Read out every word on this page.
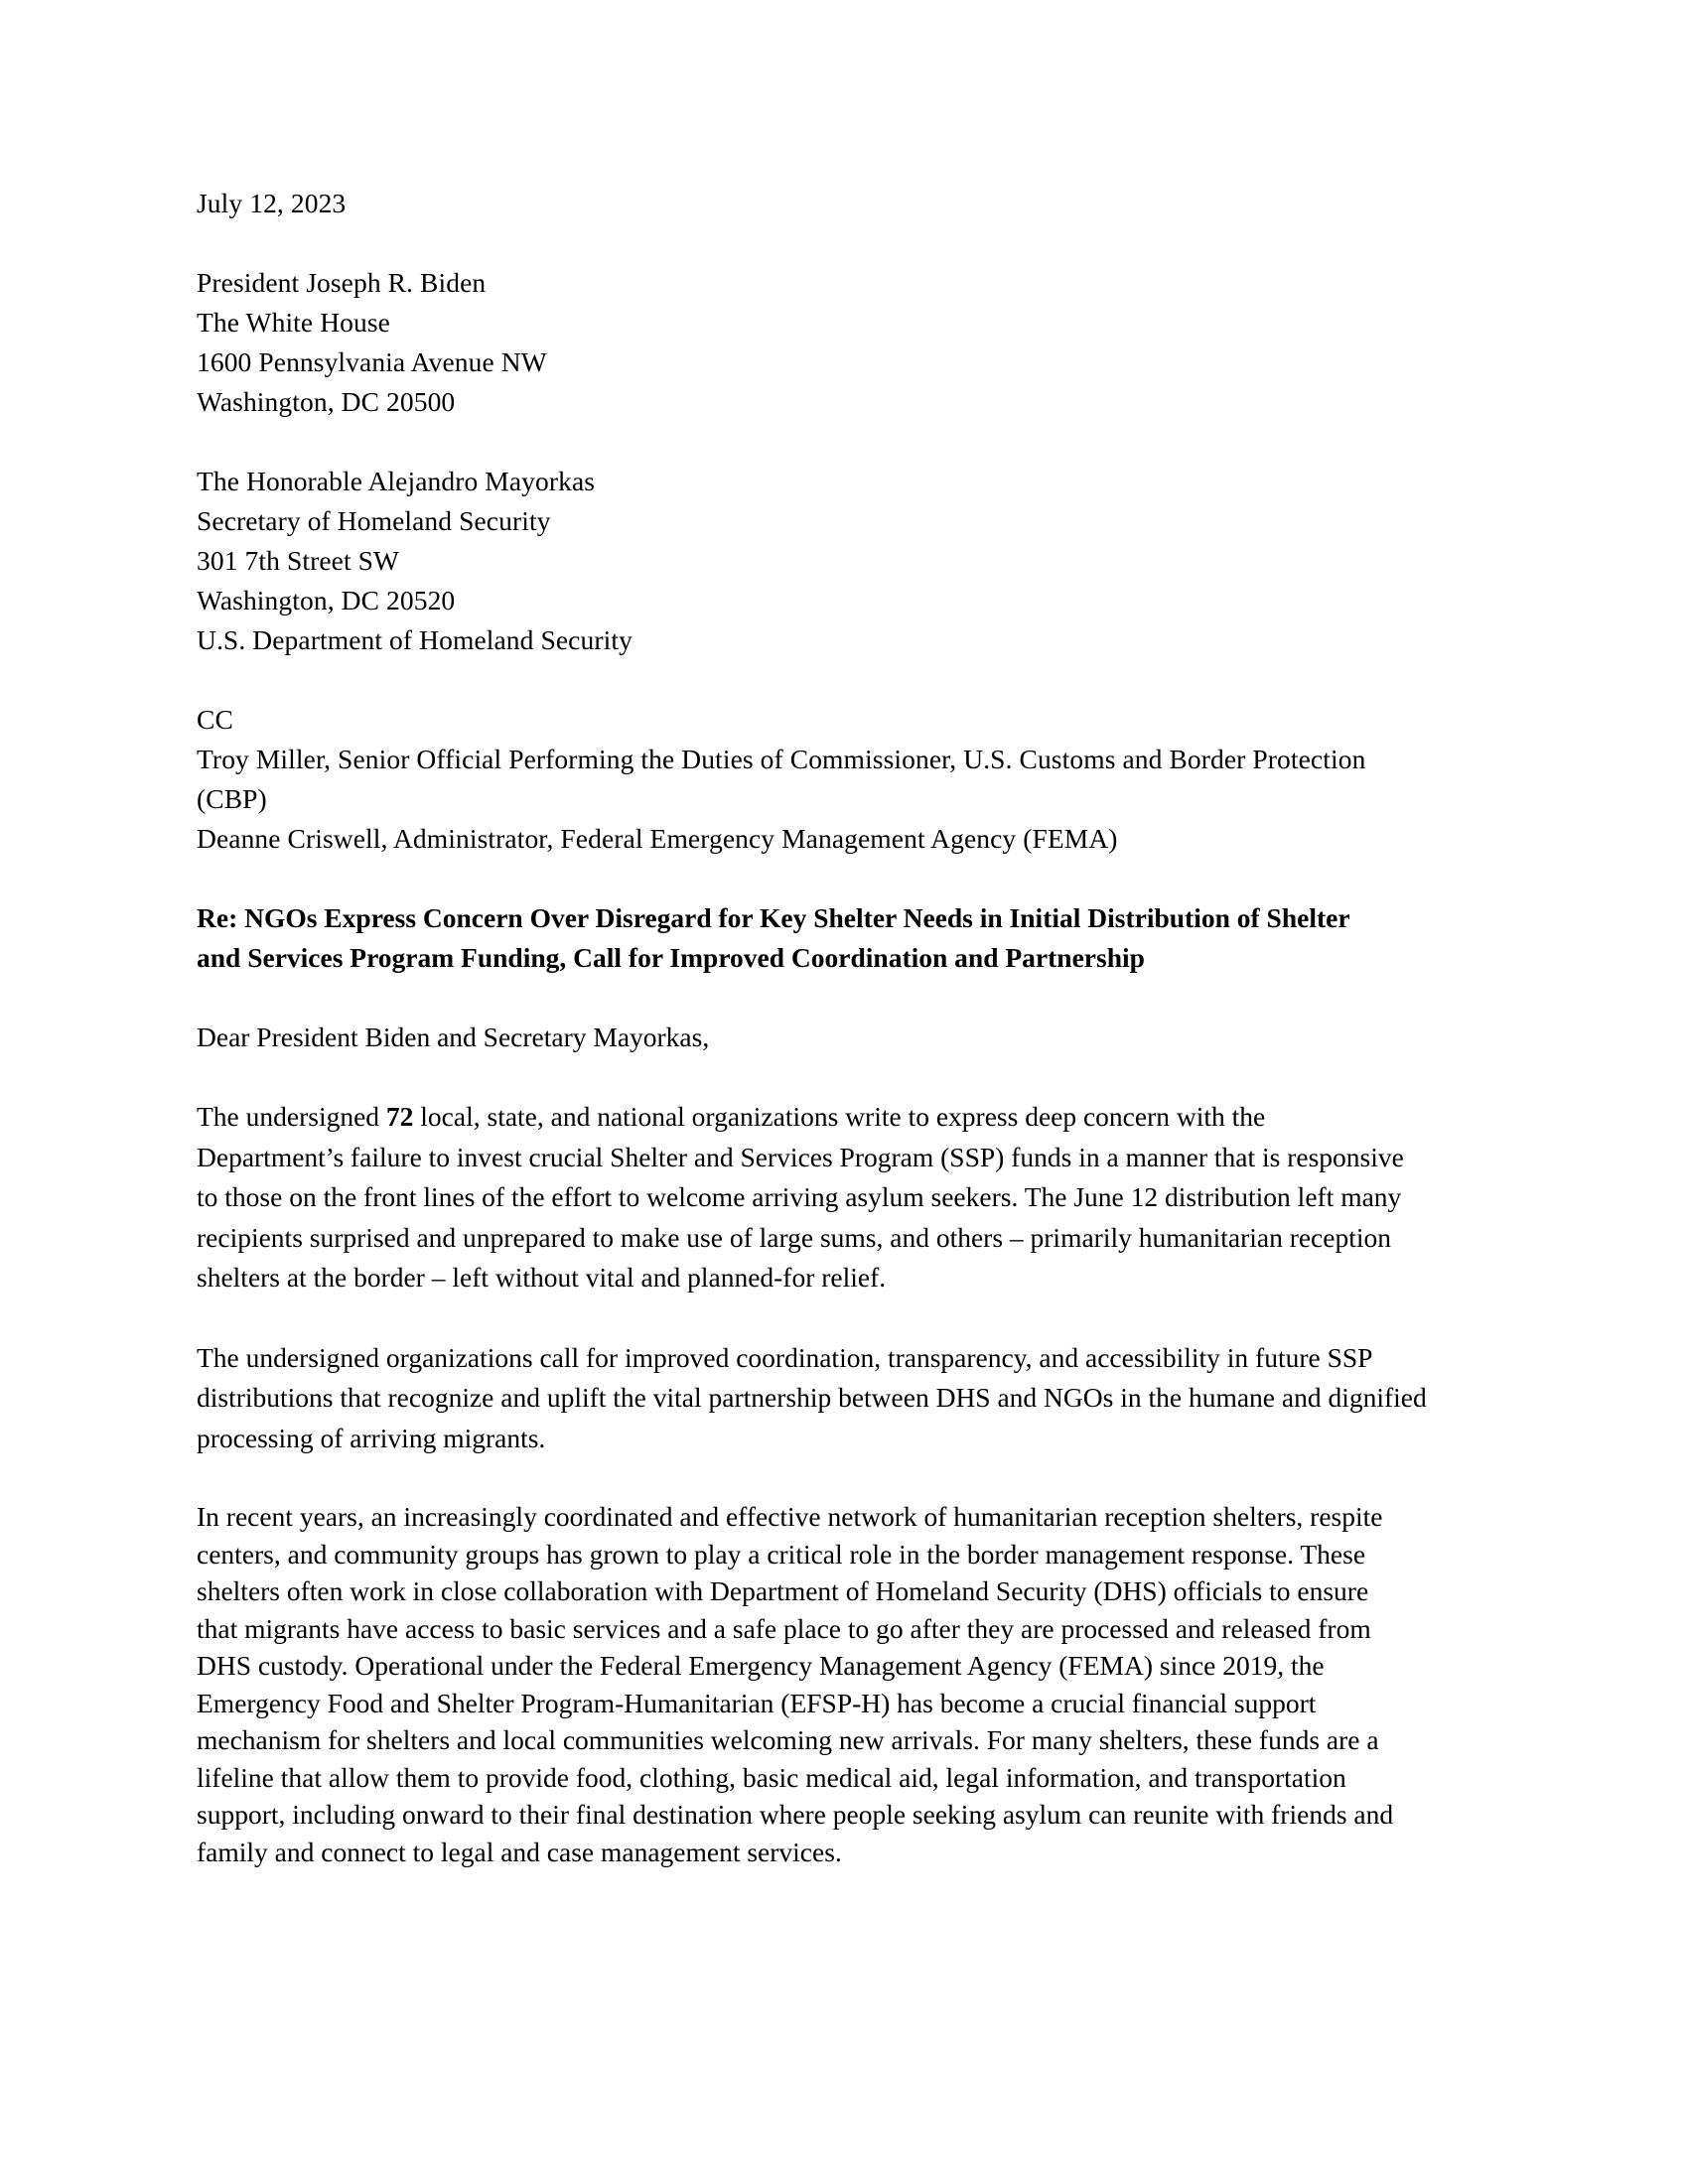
July 12, 2023

President Joseph R. Biden

The White House

1600 Pennsylvania Avenue NW

Washington, DC 20500

The Honorable Alejandro Mayorkas

Secretary of Homeland Security

301 7th Street SW

Washington, DC 20520

U.S. Department of Homeland Security

CC

Troy Miller, Senior Official Performing the Duties of Commissioner, U.S. Customs and Border Protection (CBP)

Deanne Criswell, Administrator, Federal Emergency Management Agency (FEMA)

Re: NGOs Express Concern Over Disregard for Key Shelter Needs in Initial Distribution of Shelter and Services Program Funding, Call for Improved Coordination and Partnership
Dear President Biden and Secretary Mayorkas,

The undersigned 72 local, state, and national organizations write to express deep concern with the Department’s failure to invest crucial Shelter and Services Program (SSP) funds in a manner that is responsive to those on the front lines of the effort to welcome arriving asylum seekers. The June 12 distribution left many recipients surprised and unprepared to make use of large sums, and others – primarily humanitarian reception shelters at the border – left without vital and planned-for relief.

The undersigned organizations call for improved coordination, transparency, and accessibility in future SSP distributions that recognize and uplift the vital partnership between DHS and NGOs in the humane and dignified processing of arriving migrants.

In recent years, an increasingly coordinated and effective network of humanitarian reception shelters, respite centers, and community groups has grown to play a critical role in the border management response. These shelters often work in close collaboration with Department of Homeland Security (DHS) officials to ensure that migrants have access to basic services and a safe place to go after they are processed and released from DHS custody. Operational under the Federal Emergency Management Agency (FEMA) since 2019, the Emergency Food and Shelter Program-Humanitarian (EFSP-H) has become a crucial financial support mechanism for shelters and local communities welcoming new arrivals. For many shelters, these funds are a lifeline that allow them to provide food, clothing, basic medical aid, legal information, and transportation support, including onward to their final destination where people seeking asylum can reunite with friends and family and connect to legal and case management services.
